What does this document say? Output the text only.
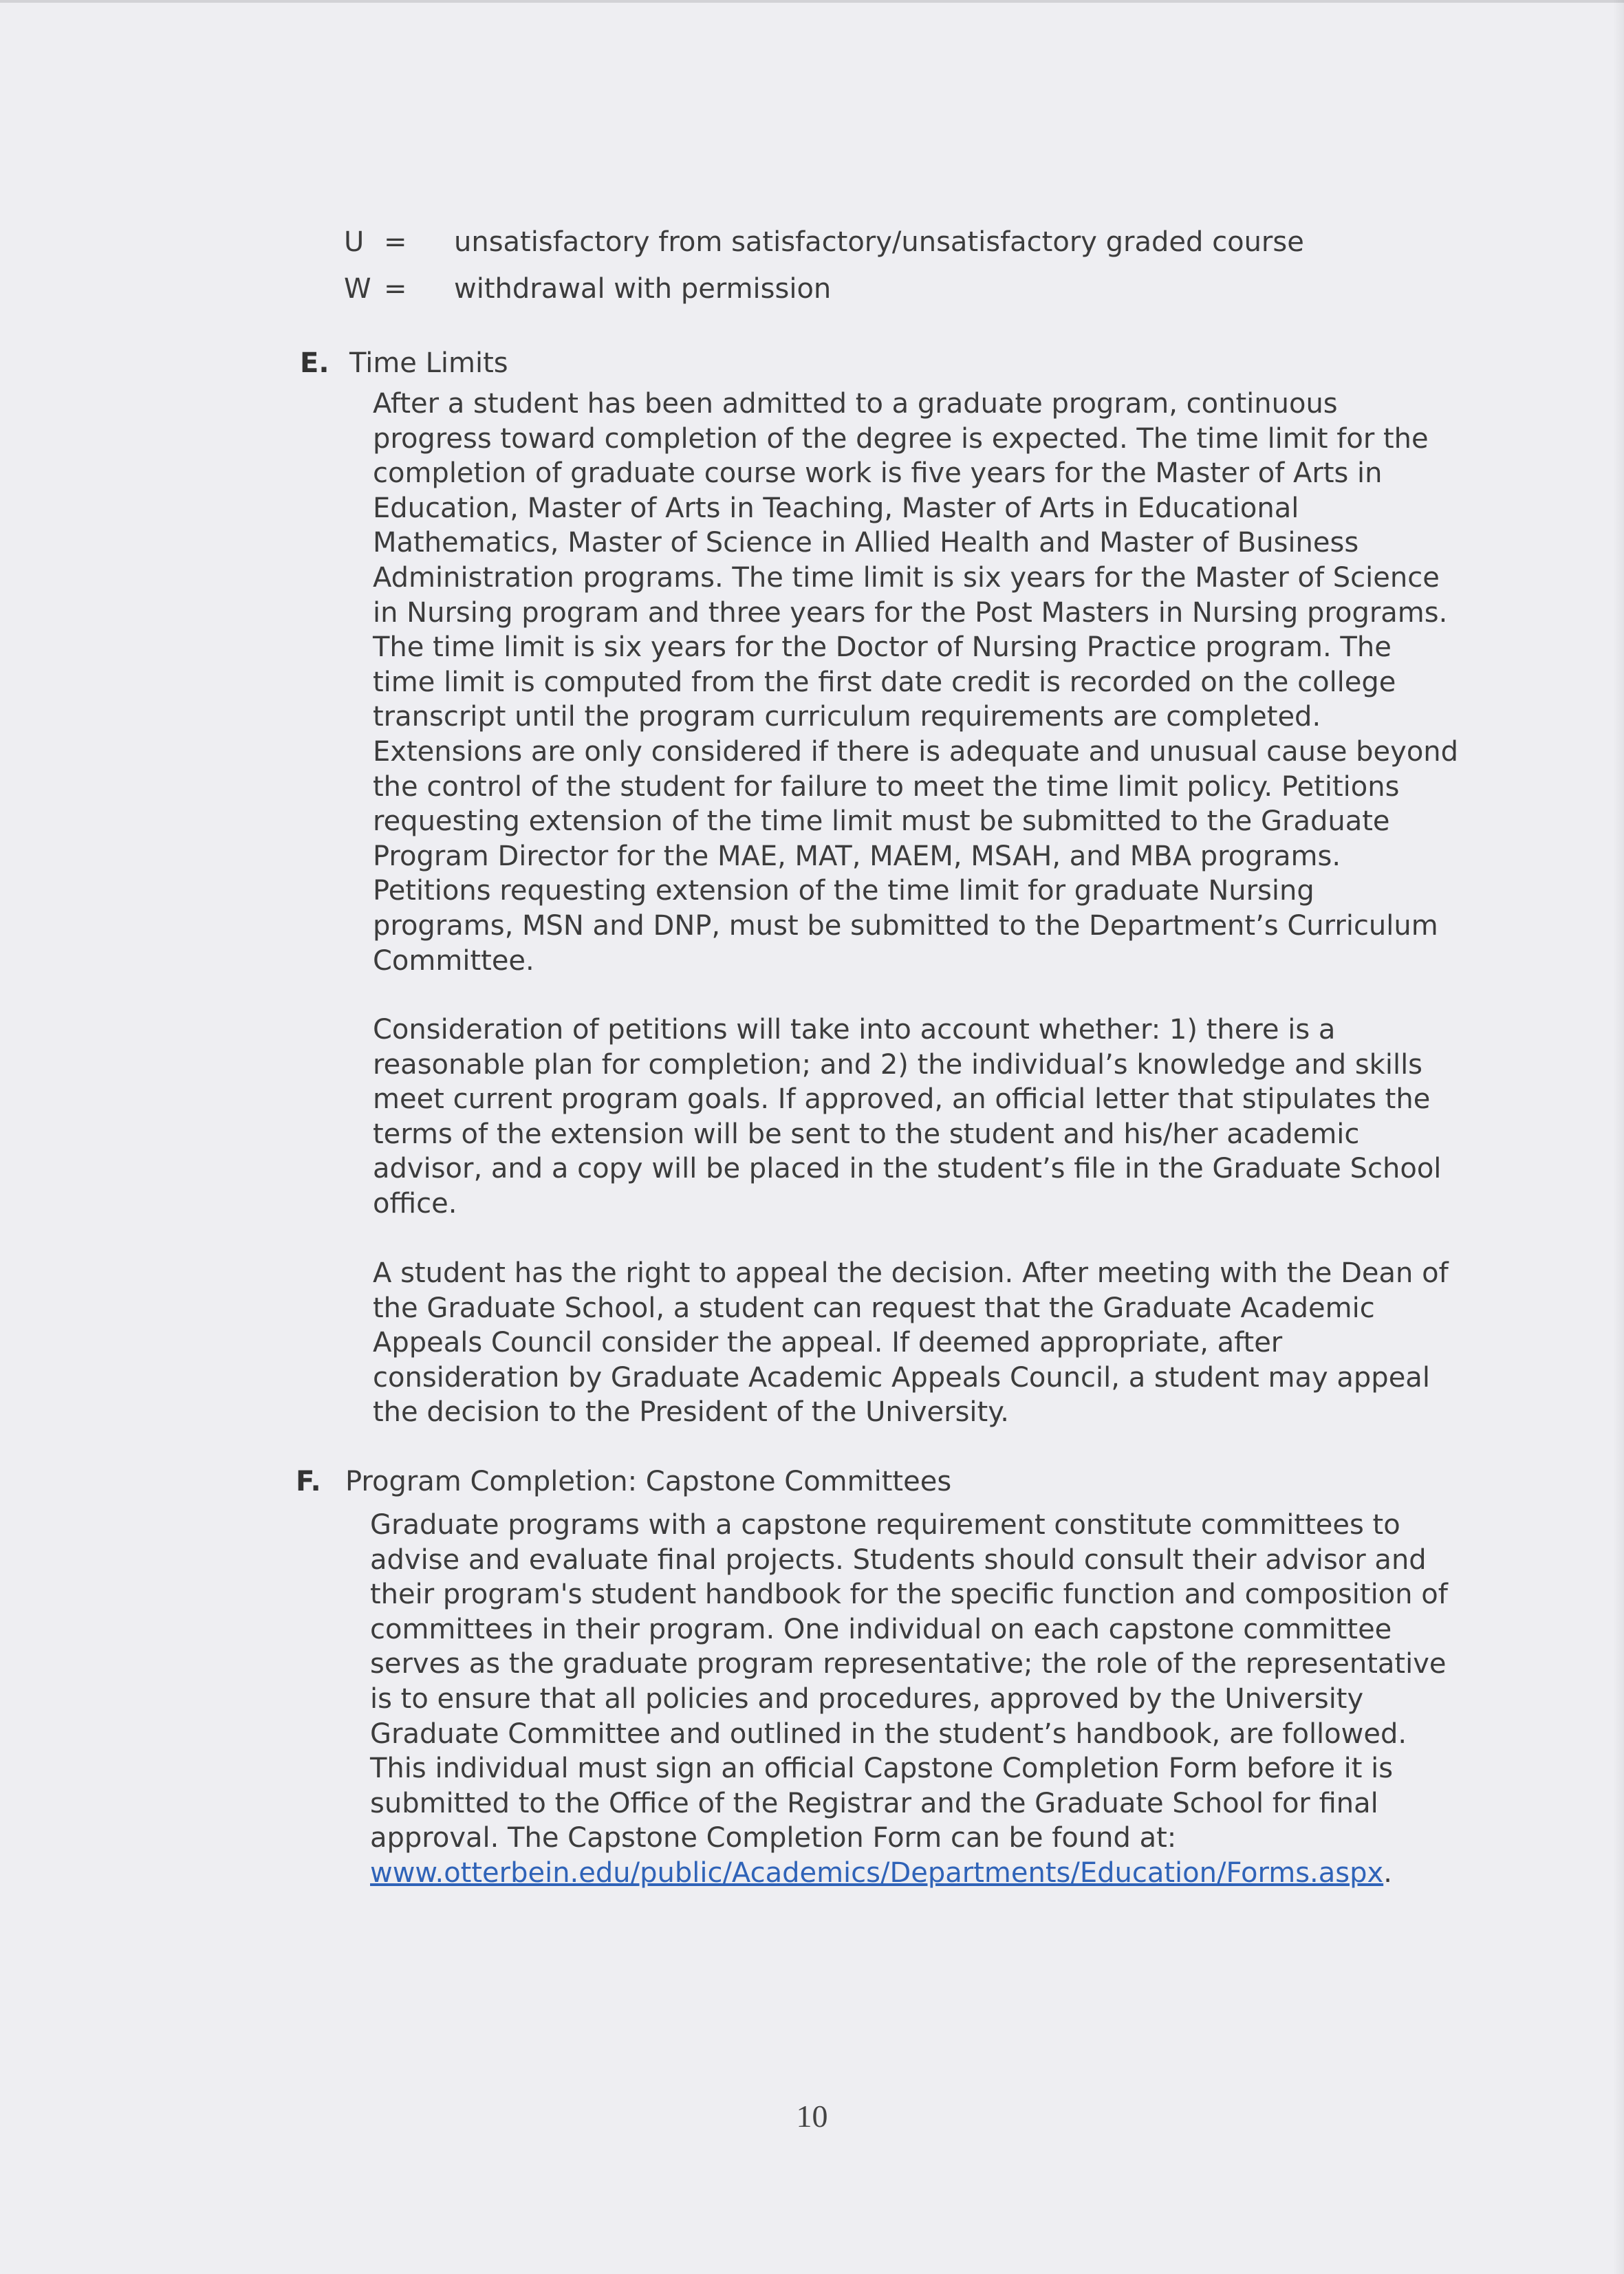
U =	unsatisfactory from satisfactory/unsatisfactory graded course
W =	withdrawal with permission
E. Time Limits
After a student has been admitted to a graduate program, continuous
progress toward completion of the degree is expected. The time limit for the
completion of graduate course work is five years for the Master of Arts in
Education, Master of Arts in Teaching, Master of Arts in Educational
Mathematics, Master of Science in Allied Health and Master of Business
Administration programs. The time limit is six years for the Master of Science
in Nursing program and three years for the Post Masters in Nursing programs.
The time limit is six years for the Doctor of Nursing Practice program. The
time limit is computed from the first date credit is recorded on the college
transcript until the program curriculum requirements are completed.
Extensions are only considered if there is adequate and unusual cause beyond
the control of the student for failure to meet the time limit policy. Petitions
requesting extension of the time limit must be submitted to the Graduate
Program Director for the MAE, MAT, MAEM, MSAH, and MBA programs.
Petitions requesting extension of the time limit for graduate Nursing
programs, MSN and DNP, must be submitted to the Department’s Curriculum
Committee.
Consideration of petitions will take into account whether: 1) there is a
reasonable plan for completion; and 2) the individual’s knowledge and skills
meet current program goals. If approved, an official letter that stipulates the
terms of the extension will be sent to the student and his/her academic
advisor, and a copy will be placed in the student’s file in the Graduate School
office.
A student has the right to appeal the decision. After meeting with the Dean of
the Graduate School, a student can request that the Graduate Academic
Appeals Council consider the appeal. If deemed appropriate, after
consideration by Graduate Academic Appeals Council, a student may appeal
the decision to the President of the University.
F. Program Completion: Capstone Committees
Graduate programs with a capstone requirement constitute committees to
advise and evaluate final projects. Students should consult their advisor and
their program's student handbook for the specific function and composition of
committees in their program. One individual on each capstone committee
serves as the graduate program representative; the role of the representative
is to ensure that all policies and procedures, approved by the University
Graduate Committee and outlined in the student’s handbook, are followed.
This individual must sign an official Capstone Completion Form before it is
submitted to the Office of the Registrar and the Graduate School for final
approval. The Capstone Completion Form can be found at:
www.otterbein.edu/public/Academics/Departments/Education/Forms.aspx.
10
